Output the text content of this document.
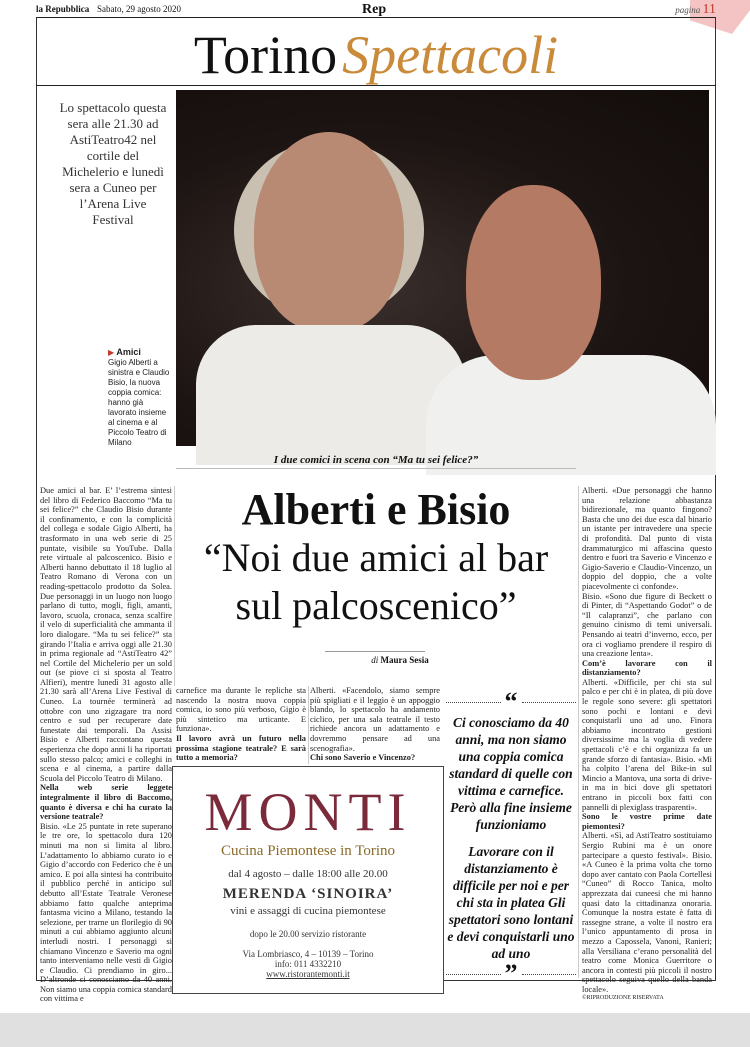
la Repubblica Sabato, 29 agosto 2020	Rep	pagina 11
Torino Spettacoli
Lo spettacolo questa sera alle 21.30 ad AstiTeatro42 nel cortile del Michelerio e lunedì sera a Cuneo per l’Arena Live Festival
▶ Amici
Gigio Alberti a sinistra e Claudio Bisio, la nuova coppia comica: hanno già lavorato insieme al cinema e al Piccolo Teatro di Milano
I due comici in scena con “Ma tu sei felice?”
Alberti e Bisio
“Noi due amici al bar sul palcoscenico”
di Maura Sesia
Due amici al bar. E’ l’estrema sintesi del libro di Federico Baccomo “Ma tu sei felice?” che Claudio Bisio durante il confinamento, e con la complicità del collega e sodale Gigio Alberti, ha trasformato in una web serie di 25 puntate, visibile su YouTube. Dalla rete virtuale al palcoscenico. Bisio e Alberti hanno debuttato il 18 luglio al Teatro Romano di Verona con un reading-spettacolo prodotto da Solea. Due personaggi in un luogo non luogo parlano di tutto, mogli, figli, amanti, lavoro, scuola, cronaca, senza scalfire il velo di superficialità che ammanta il loro dialogare. “Ma tu sei felice?” sta girando l’Italia e arriva oggi alle 21.30 in prima regionale ad “AstiTeatro 42” nel Cortile del Michelerio per un sold out (se piove ci si sposta al Teatro Alfieri), mentre lunedì 31 agosto alle 21.30 sarà all’Arena Live Festival di Cuneo. La tournée terminerà ad ottobre con uno zigzagare tra nord centro e sud per recuperare date funestate dai temporali. Da Assisi Bisio e Alberti raccontano questa esperienza che dopo anni li ha riportati sullo stesso palco; amici e colleghi in scena e al cinema, a partire dalla Scuola del Piccolo Teatro di Milano.
Nella web serie leggete integralmente il libro di Baccomo, quanto è diversa e chi ha curato la versione teatrale?
Bisio. «Le 25 puntate in rete superano le tre ore, lo spettacolo dura 120 minuti ma non si limita al libro. L’adattamento lo abbiamo curato io e Gigio d’accordo con Federico che è un amico. E poi alla sintesi ha contribuito il pubblico perché in anticipo sul debutto all’Estate Teatrale Veronese abbiamo fatto qualche anteprima fantasma vicino a Milano, testando la selezione, per trarne un florilegio di 90 minuti a cui abbiamo aggiunto alcuni interludi nostri. I personaggi si chiamano Vincenzo e Saverio ma ogni tanto interveniamo nelle vesti di Gigio e Claudio. Ci prendiamo in giro... D’altronde ci conosciamo da 40 anni. Non siamo una coppia comica standard con vittima e
carnefice ma durante le repliche sta nascendo la nostra nuova coppia comica, io sono più verboso, Gigio è più sintetico ma urticante. E funziona».
Il lavoro avrà un futuro nella prossima stagione teatrale? E sarà tutto a memoria?
Alberti. «Facendolo, siamo sempre più spigliati e il leggìo è un appoggio blando, lo spettacolo ha andamento ciclico, per una sala teatrale il testo richiede ancora un adattamento e dovremmo pensare ad una scenografia».
Chi sono Saverio e Vincenzo?
Alberti. «Due personaggi che hanno una relazione abbastanza bidirezionale, ma quanto fingono? Basta che uno dei due esca dal binario un istante per intravedere una specie di profondità. Dal punto di vista drammaturgico mi affascina questo dentro e fuori tra Saverio e Vincenzo e Gigio-Saverio e Claudio-Vincenzo, un doppio del doppio, che a volte piacevolmente ci confonde».
Bisio. «Sono due figure di Beckett o di Pinter, di “Aspettando Godot” o de “Il calapranzi”, che parlano con genuino cinismo di temi universali. Pensando ai teatri d’inverno, ecco, per ora ci vogliamo prendere il respiro di una creazione lenta».
Com’è lavorare con il distanziamento?
Alberti. «Difficile, per chi sta sul palco e per chi è in platea, di più dove le regole sono severe: gli spettatori sono pochi e lontani e devi conquistarli uno ad uno. Finora abbiamo incontrato gestioni diversissime ma la voglia di vedere spettacoli c’è e chi organizza fa un grande sforzo di fantasia». Bisio. «Mi ha colpito l’arena del Bike-in sul Mincio a Mantova, una sorta di drive-in ma in bici dove gli spettatori entrano in piccoli box fatti con pannelli di plexiglass trasparenti».
Sono le vostre prime date piemontesi?
Alberti. «Sì, ad AstiTeatro sostituiamo Sergio Rubini ma è un onore partecipare a questo festival». Bisio. «A Cuneo è la prima volta che torno dopo aver cantato con Paola Cortellesi “Cuneo” di Rocco Tanica, molto apprezzata dai cuneesi che mi hanno quasi dato la cittadinanza onoraria. Comunque la nostra estate è fatta di rassegne strane, a volte il nostro era l’unico appuntamento di prosa in mezzo a Capossela, Vanoni, Ranieri; alla Versiliana c’erano personalità del teatro come Monica Guerritore o ancora in contesti più piccoli il nostro spettacolo seguiva quello della banda locale».
©RIPRODUZIONE RISERVATA
“
Ci conosciamo da 40 anni, ma non siamo una coppia comica standard di quelle con vittima e carnefice. Però alla fine insieme funzioniamo
Lavorare con il distanziamento è difficile per noi e per chi sta in platea Gli spettatori sono lontani e devi conquistarli uno ad uno
”
MONTI
Cucina Piemontese in Torino
dal 4 agosto – dalle 18:00 alle 20.00
MERENDA ‘SINOIRA’
vini e assaggi di cucina piemontese
dopo le 20.00 servizio ristorante
Via Lombriasco, 4 – 10139 – Torino
info: 011 4332210
www.ristorantemonti.it
